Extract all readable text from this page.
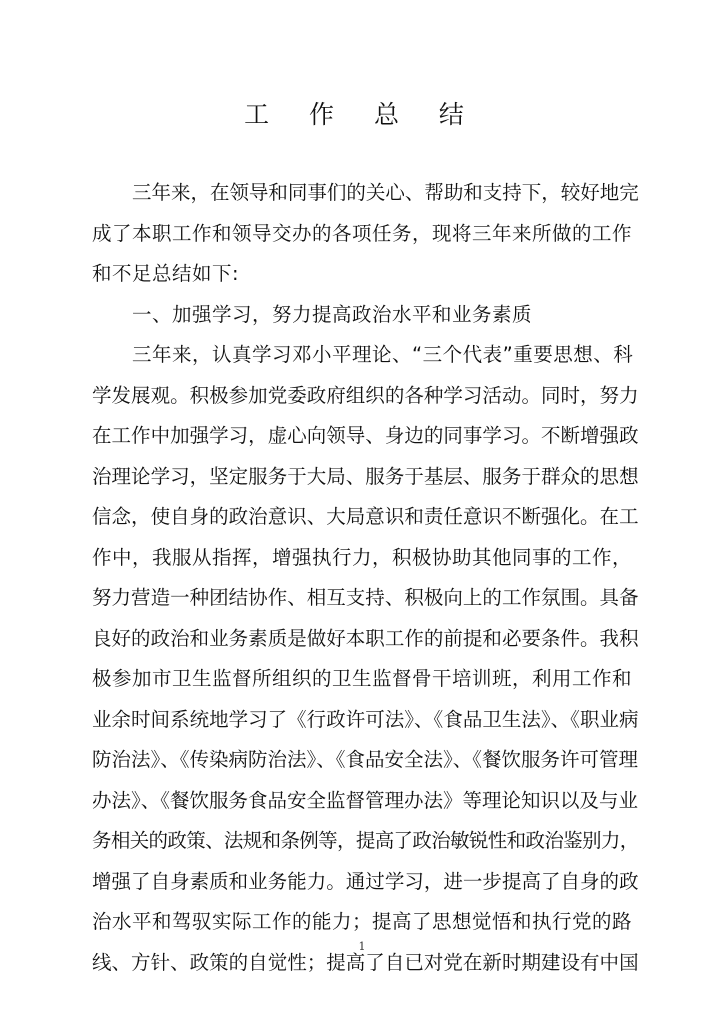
工 作 总 结
三年来，在领导和同事们的关心、帮助和支持下，较好地完
成了本职工作和领导交办的各项任务，现将三年来所做的工作
和不足总结如下:
一、加强学习，努力提高政治水平和业务素质
三年来，认真学习邓小平理论、“三个代表”重要思想、科
学发展观。积极参加党委政府组织的各种学习活动。同时，努力
在工作中加强学习，虚心向领导、身边的同事学习。不断增强政
治理论学习，坚定服务于大局、服务于基层、服务于群众的思想
信念，使自身的政治意识、大局意识和责任意识不断强化。在工
作中，我服从指挥，增强执行力，积极协助其他同事的工作，
努力营造一种团结协作、相互支持、积极向上的工作氛围。具备
良好的政治和业务素质是做好本职工作的前提和必要条件。我积
极参加市卫生监督所组织的卫生监督骨干培训班，利用工作和
业余时间系统地学习了《行政许可法》、《食品卫生法》、《职业病
防治法》、《传染病防治法》、《食品安全法》、《餐饮服务许可管理
办法》、《餐饮服务食品安全监督管理办法》等理论知识以及与业
务相关的政策、法规和条例等，提高了政治敏锐性和政治鉴别力，
增强了自身素质和业务能力。通过学习，进一步提高了自身的政
治水平和驾驭实际工作的能力；提高了思想觉悟和执行党的路
线、方针、政策的自觉性；提高了自已对党在新时期建设有中国
1
